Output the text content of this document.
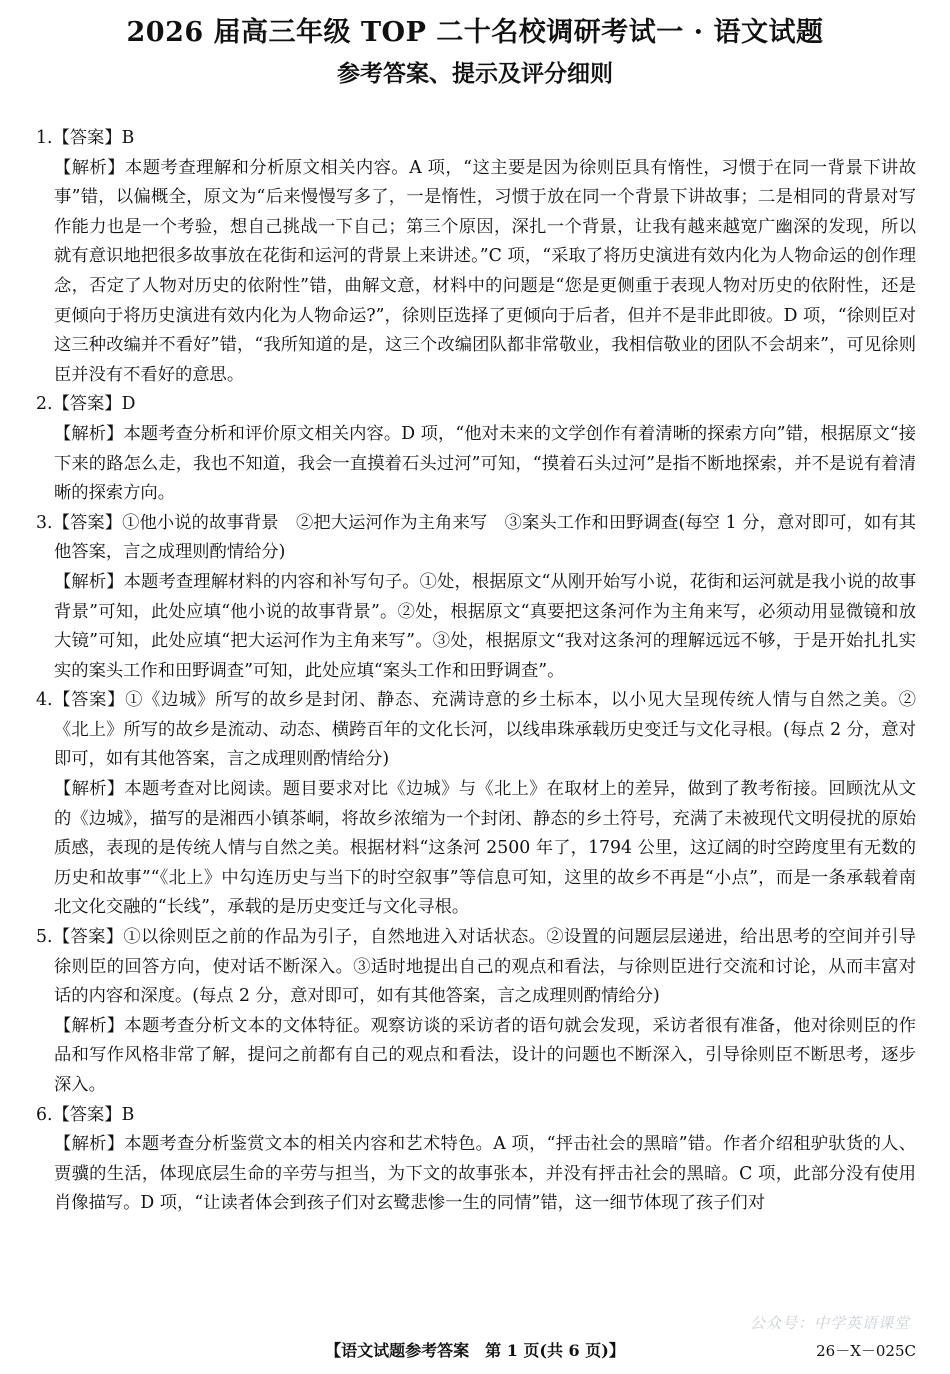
2026 届高三年级 TOP 二十名校调研考试一 · 语文试题
参考答案、提示及评分细则

1.【答案】B

【解析】本题考查理解和分析原文相关内容。A 项，“这主要是因为徐则臣具有惰性，习惯于在同一背景下讲故事”错，以偏概全，原文为“后来慢慢写多了，一是惰性，习惯于放在同一个背景下讲故事；二是相同的背景对写作能力也是一个考验，想自己挑战一下自己；第三个原因，深扎一个背景，让我有越来越宽广幽深的发现，所以就有意识地把很多故事放在花街和运河的背景上来讲述。”C 项，“采取了将历史演进有效内化为人物命运的创作理念，否定了人物对历史的依附性”错，曲解文意，材料中的问题是“您是更侧重于表现人物对历史的依附性，还是更倾向于将历史演进有效内化为人物命运?”，徐则臣选择了更倾向于后者，但并不是非此即彼。D 项，“徐则臣对这三种改编并不看好”错，“我所知道的是，这三个改编团队都非常敬业，我相信敬业的团队不会胡来”，可见徐则臣并没有不看好的意思。

2.【答案】D

【解析】本题考查分析和评价原文相关内容。D 项，“他对未来的文学创作有着清晰的探索方向”错，根据原文“接下来的路怎么走，我也不知道，我会一直摸着石头过河”可知，“摸着石头过河”是指不断地探索，并不是说有着清晰的探索方向。

3.【答案】①他小说的故事背景　②把大运河作为主角来写　③案头工作和田野调查(每空 1 分，意对即可，如有其他答案，言之成理则酌情给分)

【解析】本题考查理解材料的内容和补写句子。①处，根据原文“从刚开始写小说，花街和运河就是我小说的故事背景”可知，此处应填“他小说的故事背景”。②处，根据原文“真要把这条河作为主角来写，必须动用显微镜和放大镜”可知，此处应填“把大运河作为主角来写”。③处，根据原文“我对这条河的理解远远不够，于是开始扎扎实实的案头工作和田野调查”可知，此处应填“案头工作和田野调查”。

4.【答案】①《边城》所写的故乡是封闭、静态、充满诗意的乡土标本，以小见大呈现传统人情与自然之美。②《北上》所写的故乡是流动、动态、横跨百年的文化长河，以线串珠承载历史变迁与文化寻根。(每点 2 分，意对即可，如有其他答案，言之成理则酌情给分)

【解析】本题考查对比阅读。题目要求对比《边城》与《北上》在取材上的差异，做到了教考衔接。回顾沈从文的《边城》，描写的是湘西小镇茶峒，将故乡浓缩为一个封闭、静态的乡土符号，充满了未被现代文明侵扰的原始质感，表现的是传统人情与自然之美。根据材料“这条河 2500 年了，1794 公里，这辽阔的时空跨度里有无数的历史和故事”“《北上》中勾连历史与当下的时空叙事”等信息可知，这里的故乡不再是“小点”，而是一条承载着南北文化交融的“长线”，承载的是历史变迁与文化寻根。

5.【答案】①以徐则臣之前的作品为引子，自然地进入对话状态。②设置的问题层层递进，给出思考的空间并引导徐则臣的回答方向，使对话不断深入。③适时地提出自己的观点和看法，与徐则臣进行交流和讨论，从而丰富对话的内容和深度。(每点 2 分，意对即可，如有其他答案，言之成理则酌情给分)

【解析】本题考查分析文本的文体特征。观察访谈的采访者的语句就会发现，采访者很有准备，他对徐则臣的作品和写作风格非常了解，提问之前都有自己的观点和看法，设计的问题也不断深入，引导徐则臣不断思考，逐步深入。

6.【答案】B

【解析】本题考查分析鉴赏文本的相关内容和艺术特色。A 项，“抨击社会的黑暗”错。作者介绍租驴驮货的人、贾骥的生活，体现底层生命的辛劳与担当，为下文的故事张本，并没有抨击社会的黑暗。C 项，此部分没有使用肖像描写。D 项，“让读者体会到孩子们对玄鹭悲惨一生的同情”错，这一细节体现了孩子们对

公众号：中学英语课堂
【语文试题参考答案　第 1 页(共 6 页)】	26－X－025C
